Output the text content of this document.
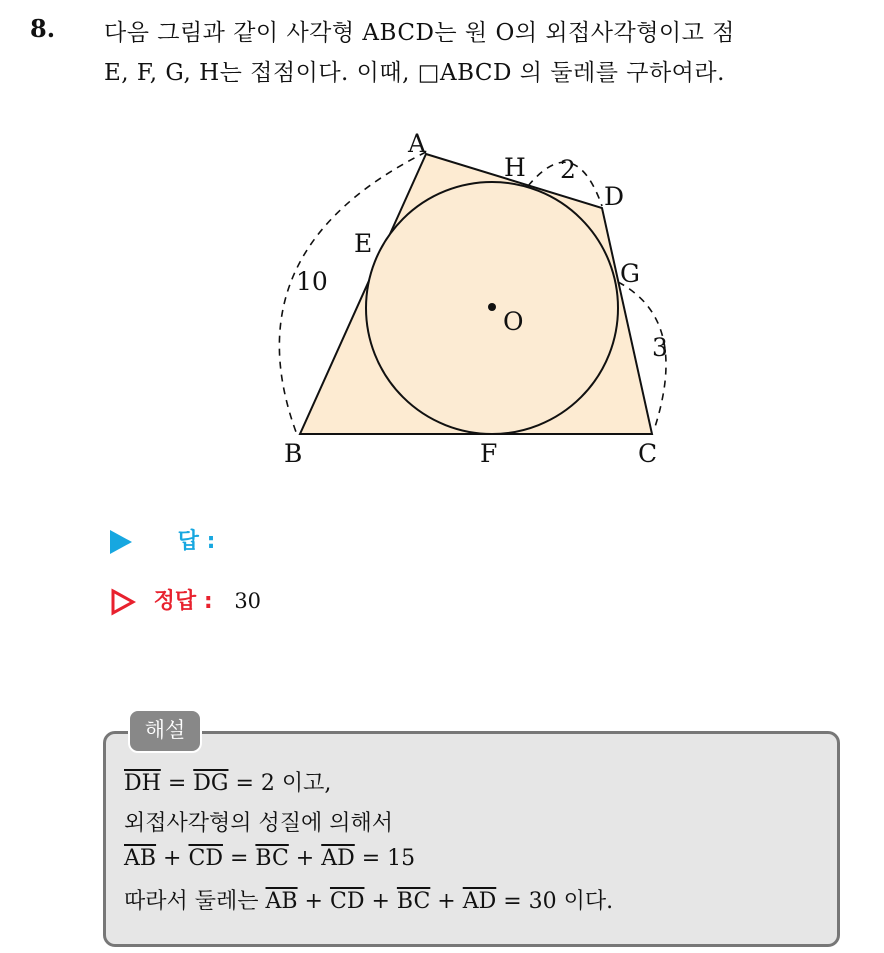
8. 다음 그림과 같이 사각형 ABCD는 원 O의 외접사각형이고 점
E, F, G, H는 접점이다. 이때, □ABCD 의 둘레를 구하여라.
A
H
D
E
G
O
B	F	C
10
2
3
답 :
정답 : 30
해설
$\overline{DH} = \overline{DG} = 2$ 이고,
외접사각형의 성질에 의해서
$\overline{AB} + \overline{CD} = \overline{BC} + \overline{AD} = 15$
따라서 둘레는 $\overline{AB} + \overline{CD} + \overline{BC} + \overline{AD} = 30$ 이다.
